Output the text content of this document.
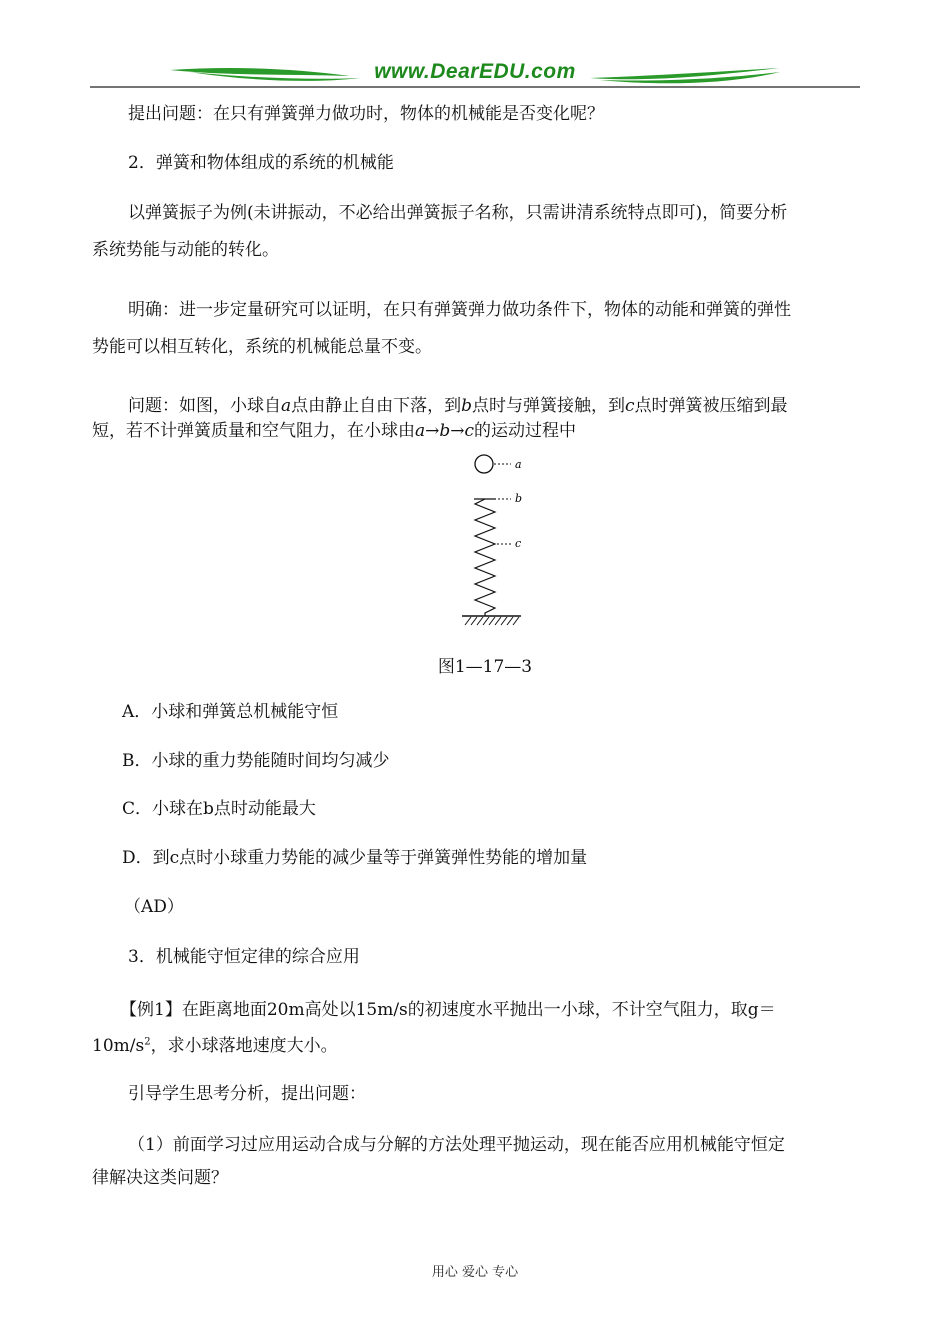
www.DearEDU.com
提出问题：在只有弹簧弹力做功时，物体的机械能是否变化呢？
2．弹簧和物体组成的系统的机械能
以弹簧振子为例(未讲振动，不必给出弹簧振子名称，只需讲清系统特点即可)，简要分析
系统势能与动能的转化。
明确：进一步定量研究可以证明，在只有弹簧弹力做功条件下，物体的动能和弹簧的弹性
势能可以相互转化，系统的机械能总量不变。
问题：如图，小球自a点由静止自由下落，到b点时与弹簧接触，到c点时弹簧被压缩到最
短，若不计弹簧质量和空气阻力，在小球由a→b→c的运动过程中
a
b
c
图1—17—3
A．小球和弹簧总机械能守恒
B．小球的重力势能随时间均匀减少
C．小球在b点时动能最大
D．到c点时小球重力势能的减少量等于弹簧弹性势能的增加量
（AD）
3．机械能守恒定律的综合应用
【例1】在距离地面20m高处以15m/s的初速度水平抛出一小球，不计空气阻力，取g＝
$10m/s^2$，求小球落地速度大小。
引导学生思考分析，提出问题：
（1）前面学习过应用运动合成与分解的方法处理平抛运动，现在能否应用机械能守恒定
律解决这类问题？
用心 爱心 专心
